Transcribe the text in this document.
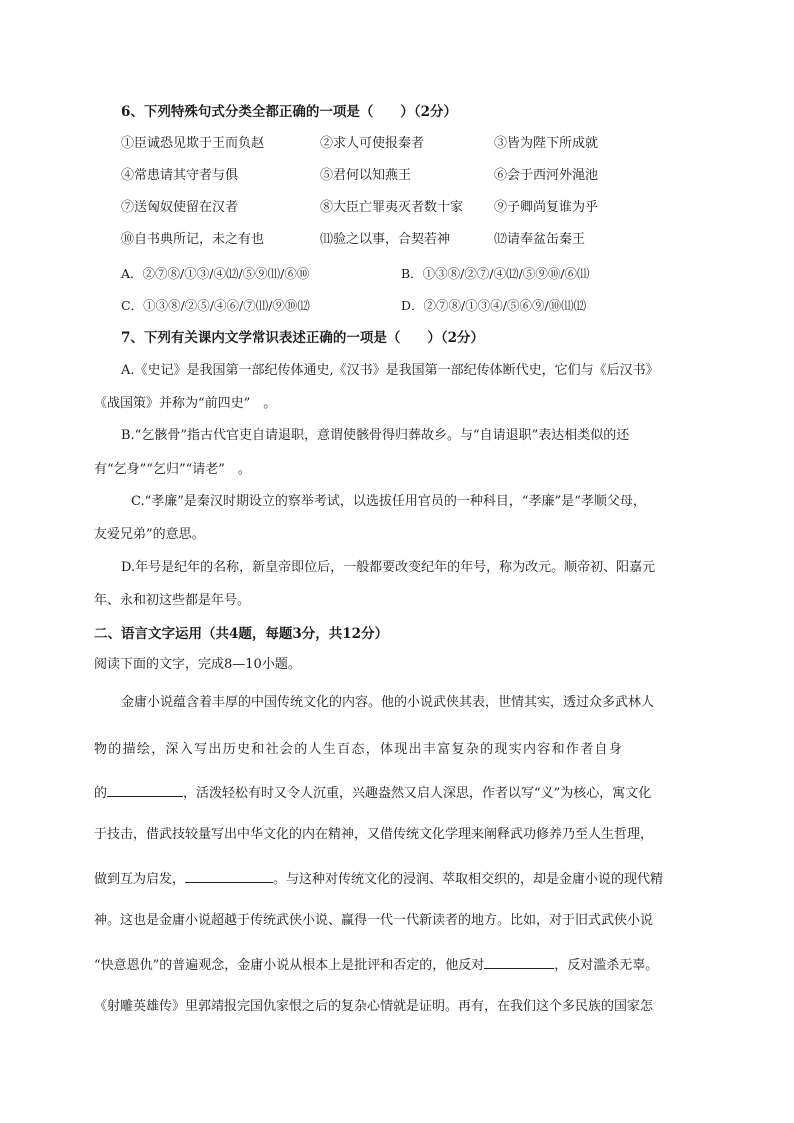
6、下列特殊句式分类全都正确的一项是（　　）（2分）
①臣诚恐见欺于王而负赵	②求人可使报秦者	③皆为陛下所成就
④常患请其守者与俱	⑤君何以知燕王	⑥会于西河外渑池
⑦送匈奴使留在汉者	⑧大臣亡罪夷灭者数十家 ⑨子卿尚复谁为乎
⑩自书典所记，未之有也	⑾验之以事，合契若神	⑿请奉盆缶秦王
A．②⑦⑧/①③/④⑿/⑤⑨⑾/⑥⑩	B．①③⑧/②⑦/④⑿/⑤⑨⑩/⑥⑾
C．①③⑧/②⑤/④⑥/⑦⑾/⑨⑩⑿	D．②⑦⑧/①③④/⑤⑥⑨/⑩⑾⑿
7、下列有关课内文学常识表述正确的一项是（　　）（2分）
A.《史记》是我国第一部纪传体通史,《汉书》是我国第一部纪传体断代史，它们与《后汉书》
《战国策》并称为“前四史”　。
B.“乞骸骨”指古代官吏自请退职，意谓使骸骨得归葬故乡。与“自请退职”表达相类似的还
有“乞身”“乞归”“请老”　。
C.“孝廉”是秦汉时期设立的察举考试，以选拔任用官员的一种科目，“孝廉”是“孝顺父母，
友爱兄弟”的意思。
D.年号是纪年的名称，新皇帝即位后，一般都要改变纪年的年号，称为改元。顺帝初、阳嘉元
年、永和初这些都是年号。
二、语言文字运用（共4题，每题3分，共12分）
阅读下面的文字，完成8—10小题。
金庸小说蕴含着丰厚的中国传统文化的内容。他的小说武侠其表，世情其实，透过众多武林人
物的描绘，深入写出历史和社会的人生百态，体现出丰富复杂的现实内容和作者自身
的	，活泼轻松有时又令人沉重，兴趣盎然又启人深思，作者以写“义”为核心，寓文化
于技击，借武技较量写出中华文化的内在精神，又借传统文化学理来阐释武功修养乃至人生哲理，
做到互为启发，	。与这种对传统文化的浸润、萃取相交织的，却是金庸小说的现代精
神。这也是金庸小说超越于传统武侠小说、赢得一代一代新读者的地方。比如，对于旧式武侠小说
“快意恩仇”的普遍观念，金庸小说从根本上是批评和否定的，他反对	，反对滥杀无辜。
《射雕英雄传》里郭靖报完国仇家恨之后的复杂心情就是证明。再有，在我们这个多民族的国家怎
